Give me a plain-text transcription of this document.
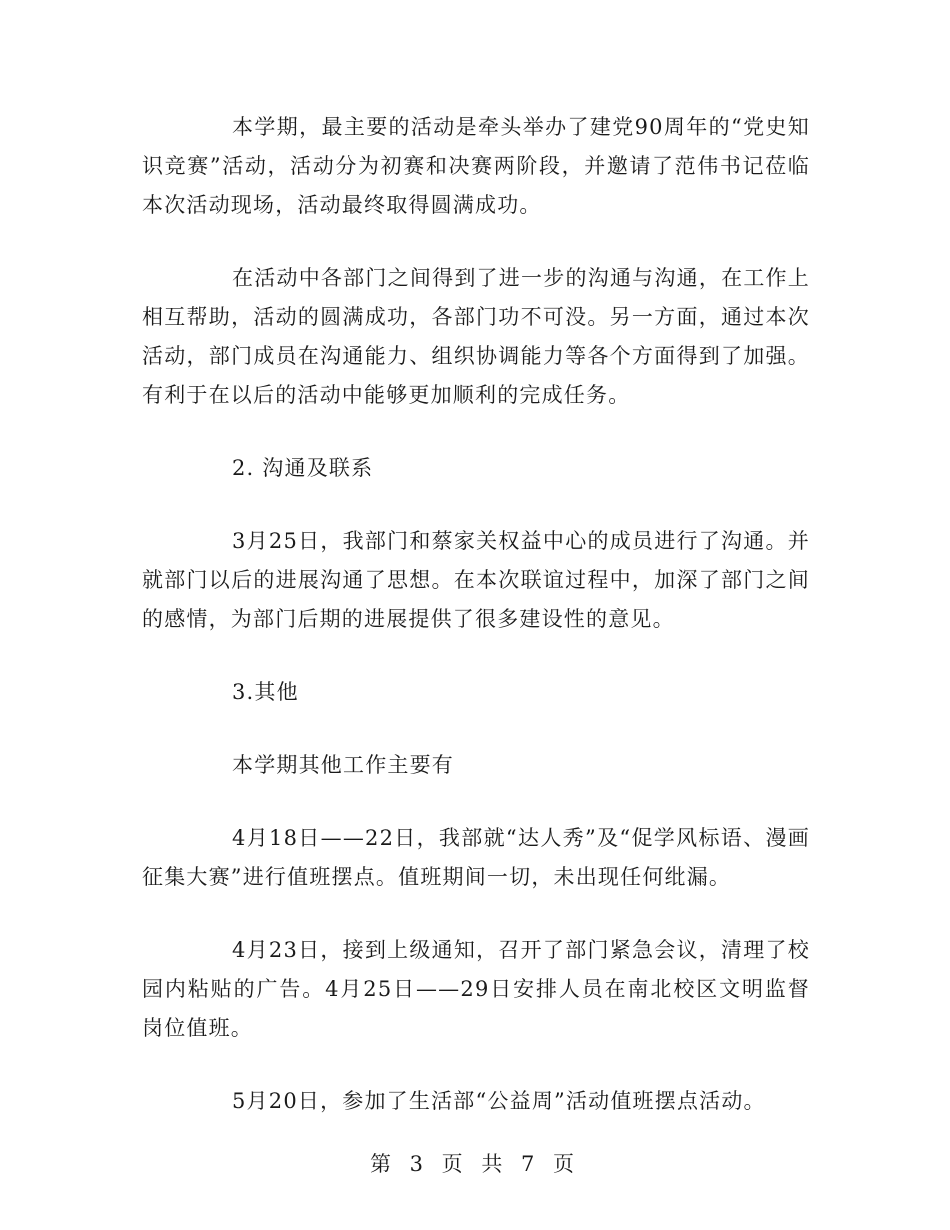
本学期，最主要的活动是牵头举办了建党90周年的“党史知识竞赛”活动，活动分为初赛和决赛两阶段，并邀请了范伟书记莅临本次活动现场，活动最终取得圆满成功。

在活动中各部门之间得到了进一步的沟通与沟通，在工作上相互帮助，活动的圆满成功，各部门功不可没。另一方面，通过本次活动，部门成员在沟通能力、组织协调能力等各个方面得到了加强。有利于在以后的活动中能够更加顺利的完成任务。

2. 沟通及联系

3月25日，我部门和蔡家关权益中心的成员进行了沟通。并就部门以后的进展沟通了思想。在本次联谊过程中，加深了部门之间的感情，为部门后期的进展提供了很多建设性的意见。

3.其他

本学期其他工作主要有

4月18日——22日，我部就“达人秀”及“促学风标语、漫画征集大赛”进行值班摆点。值班期间一切，未出现任何纰漏。

4月23日，接到上级通知，召开了部门紧急会议，清理了校园内粘贴的广告。4月25日——29日安排人员在南北校区文明监督岗位值班。

5月20日，参加了生活部“公益周”活动值班摆点活动。

第 3 页 共 7 页
